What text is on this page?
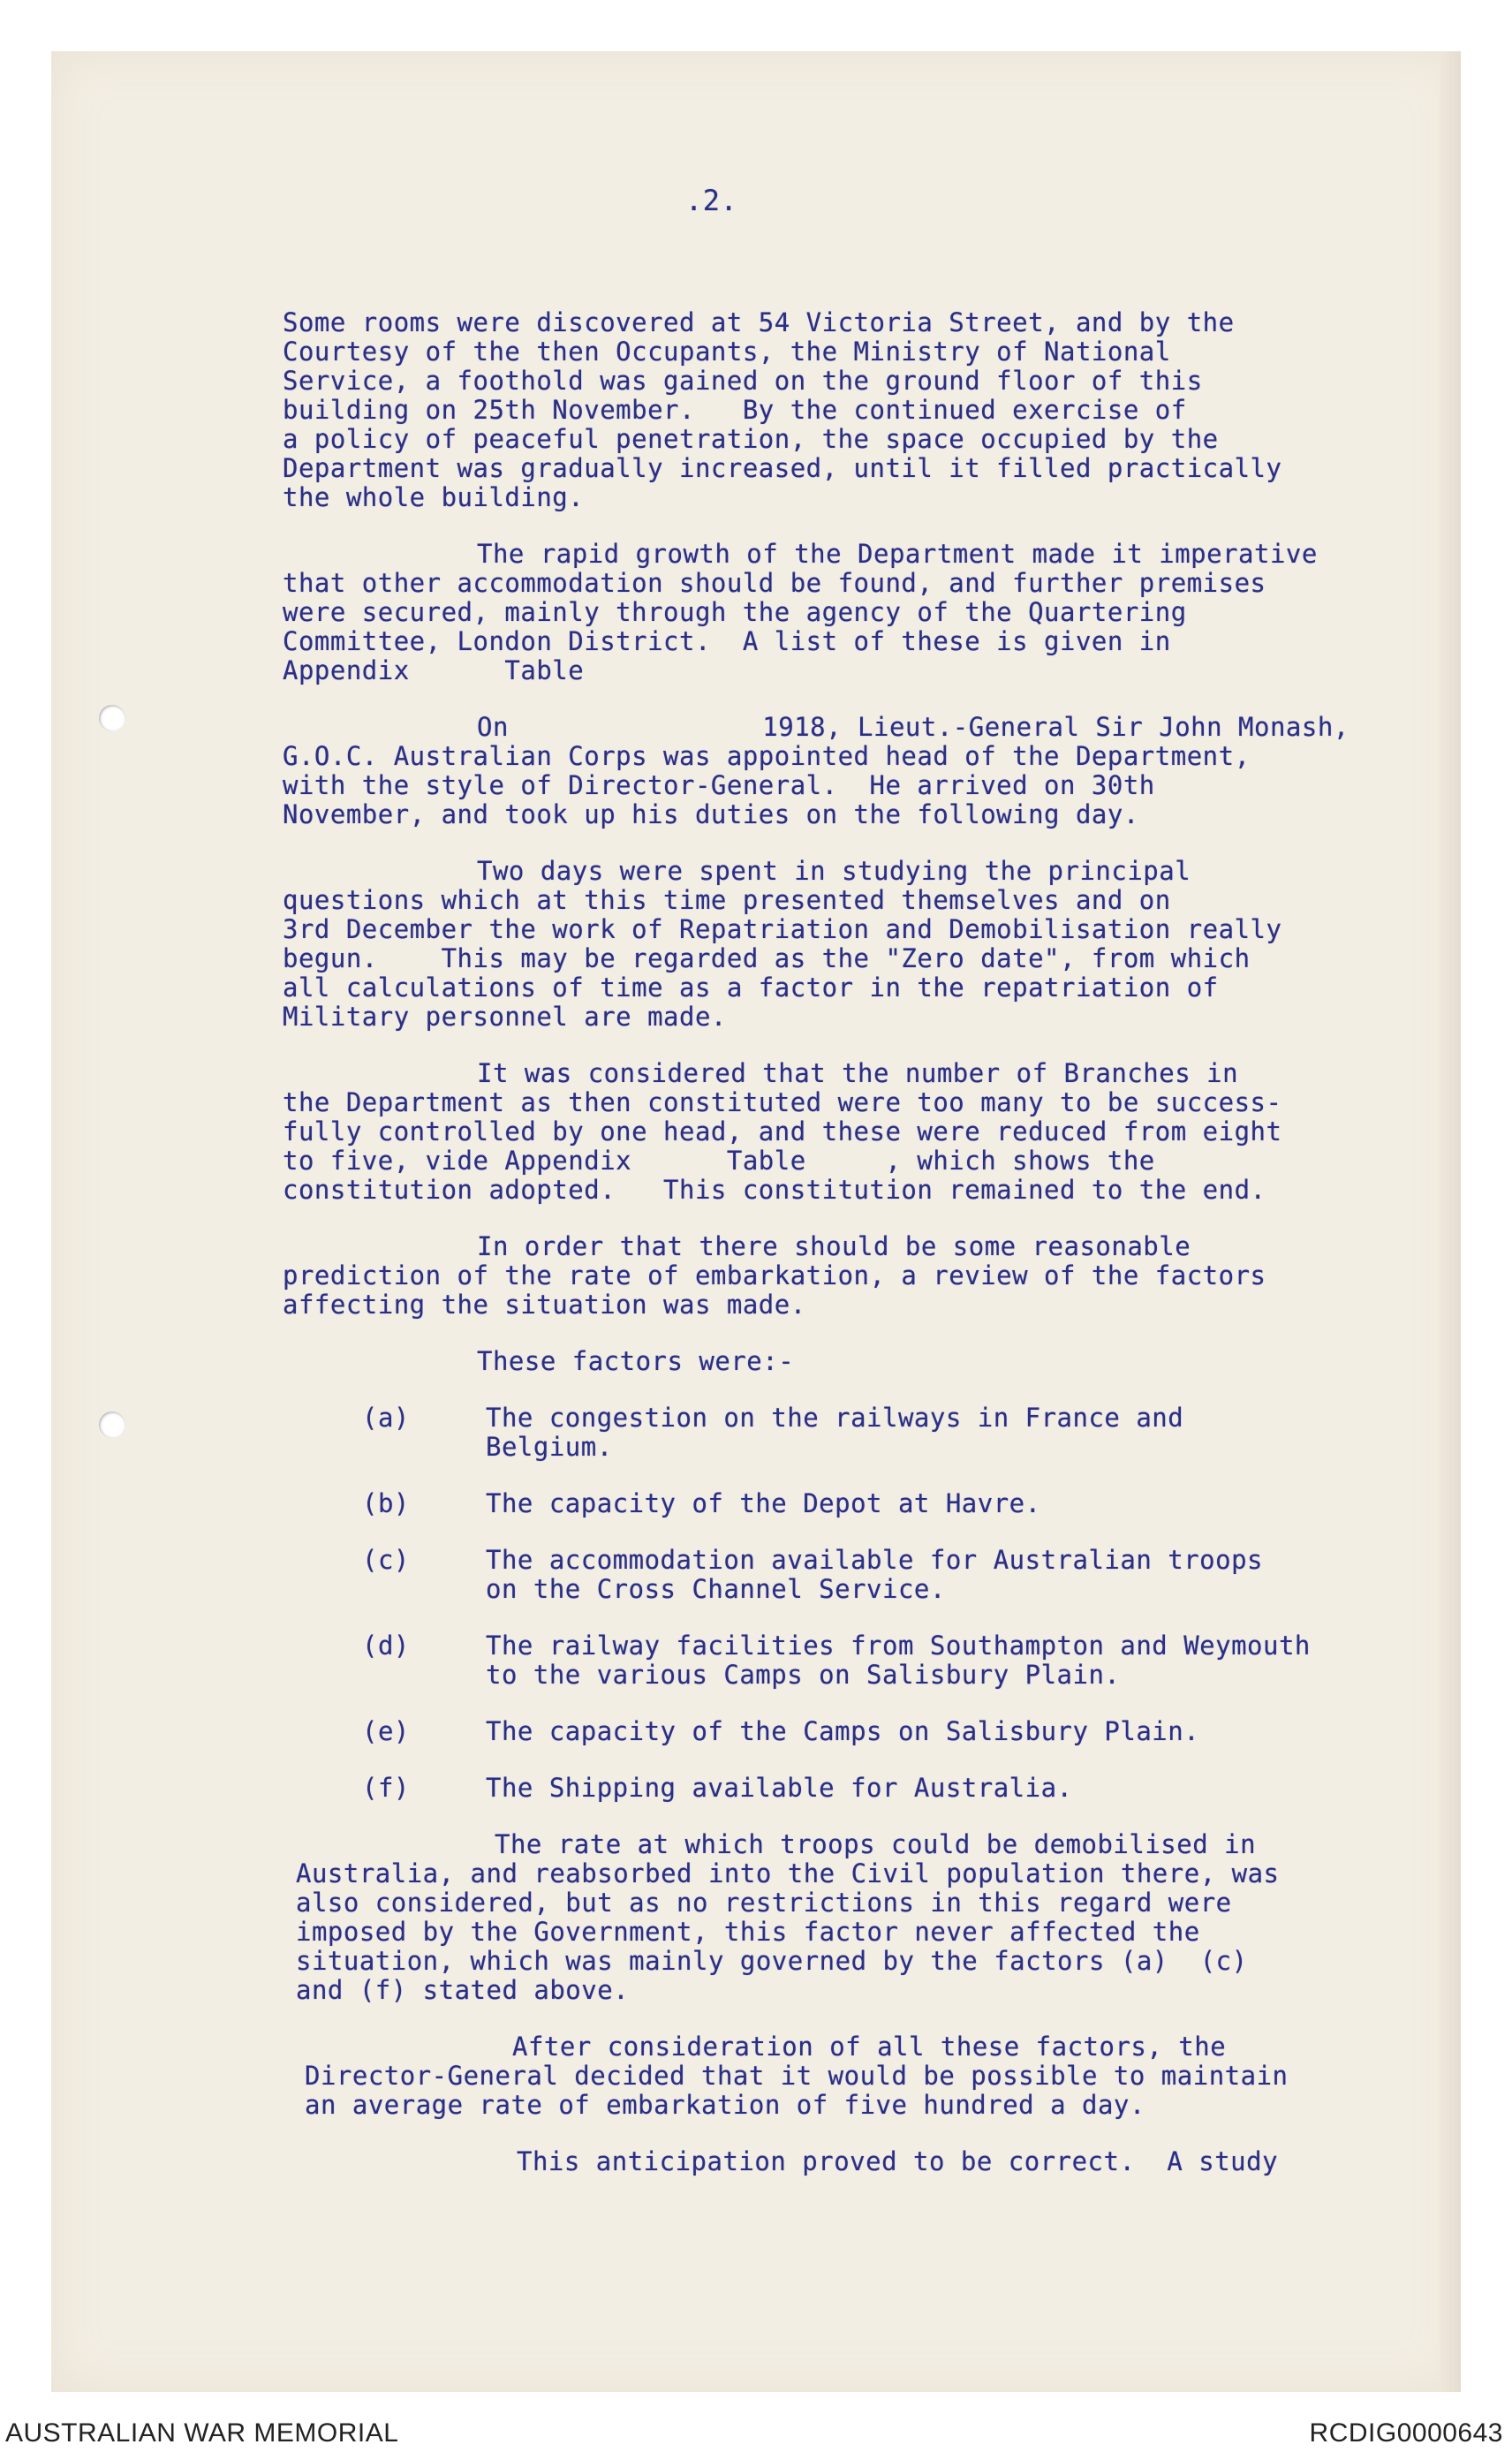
.2.
Some rooms were discovered at 54 Victoria Street, and by the
Courtesy of the then Occupants, the Ministry of National
Service, a foothold was gained on the ground floor of this
building on 25th November.   By the continued exercise of
a policy of peaceful penetration, the space occupied by the
Department was gradually increased, until it filled practically
the whole building.
The rapid growth of the Department made it imperative
that other accommodation should be found, and further premises
were secured, mainly through the agency of the Quartering
Committee, London District.  A list of these is given in
Appendix      Table
On                1918, Lieut.-General Sir John Monash,
G.O.C. Australian Corps was appointed head of the Department,
with the style of Director-General.  He arrived on 30th
November, and took up his duties on the following day.
Two days were spent in studying the principal
questions which at this time presented themselves and on
3rd December the work of Repatriation and Demobilisation really
begun.    This may be regarded as the "Zero date", from which
all calculations of time as a factor in the repatriation of
Military personnel are made.
It was considered that the number of Branches in
the Department as then constituted were too many to be success-
fully controlled by one head, and these were reduced from eight
to five, vide Appendix      Table     , which shows the
constitution adopted.   This constitution remained to the end.
In order that there should be some reasonable
prediction of the rate of embarkation, a review of the factors
affecting the situation was made.
These factors were:-
(a)	The congestion on the railways in France and
Belgium.
(b)	The capacity of the Depot at Havre.
(c)	The accommodation available for Australian troops
on the Cross Channel Service.
(d)	The railway facilities from Southampton and Weymouth
to the various Camps on Salisbury Plain.
(e)	The capacity of the Camps on Salisbury Plain.
(f)	The Shipping available for Australia.
The rate at which troops could be demobilised in
Australia, and reabsorbed into the Civil population there, was
also considered, but as no restrictions in this regard were
imposed by the Government, this factor never affected the
situation, which was mainly governed by the factors (a)  (c)
and (f) stated above.
After consideration of all these factors, the
Director-General decided that it would be possible to maintain
an average rate of embarkation of five hundred a day.
This anticipation proved to be correct.  A study
AUSTRALIAN WAR MEMORIAL	RCDIG0000643
